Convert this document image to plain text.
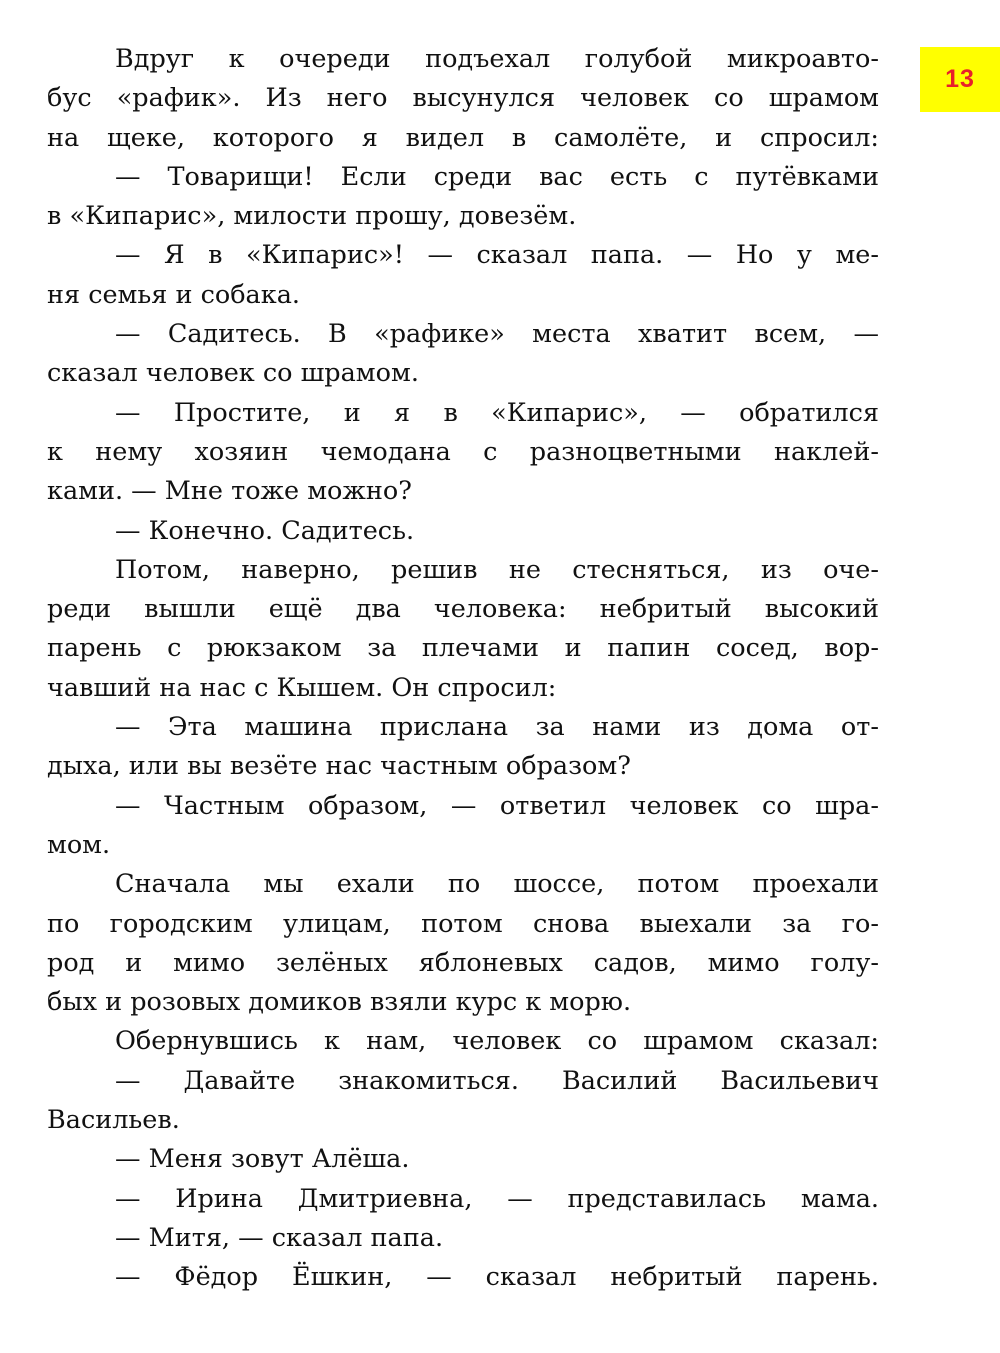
13
Вдруг к очереди подъехал голубой микроавто-
бус «рафик». Из него высунулся человек со шрамом
на щеке, которого я видел в самолёте, и спросил:
— Товарищи! Если среди вас есть с путёвками
в «Кипарис», милости прошу, довезём.
— Я в «Кипарис»! — сказал папа. — Но у ме-
ня семья и собака.
— Садитесь. В «рафике» места хватит всем, —
сказал человек со шрамом.
— Простите, и я в «Кипарис», — обратился
к нему хозяин чемодана с разноцветными наклей-
ками. — Мне тоже можно?
— Конечно. Садитесь.
Потом, наверно, решив не стесняться, из оче-
реди вышли ещё два человека: небритый высокий
парень с рюкзаком за плечами и папин сосед, вор-
чавший на нас с Кышем. Он спросил:
— Эта машина прислана за нами из дома от-
дыха, или вы везёте нас частным образом?
— Частным образом, — ответил человек со шра-
мом.
Сначала мы ехали по шоссе, потом проехали
по городским улицам, потом снова выехали за го-
род и мимо зелёных яблоневых садов, мимо голу-
бых и розовых домиков взяли курс к морю.
Обернувшись к нам, человек со шрамом сказал:
— Давайте знакомиться. Василий Васильевич
Васильев.
— Меня зовут Алёша.
— Ирина Дмитриевна, — представилась мама.
— Митя, — сказал папа.
— Фёдор Ёшкин, — сказал небритый парень.
